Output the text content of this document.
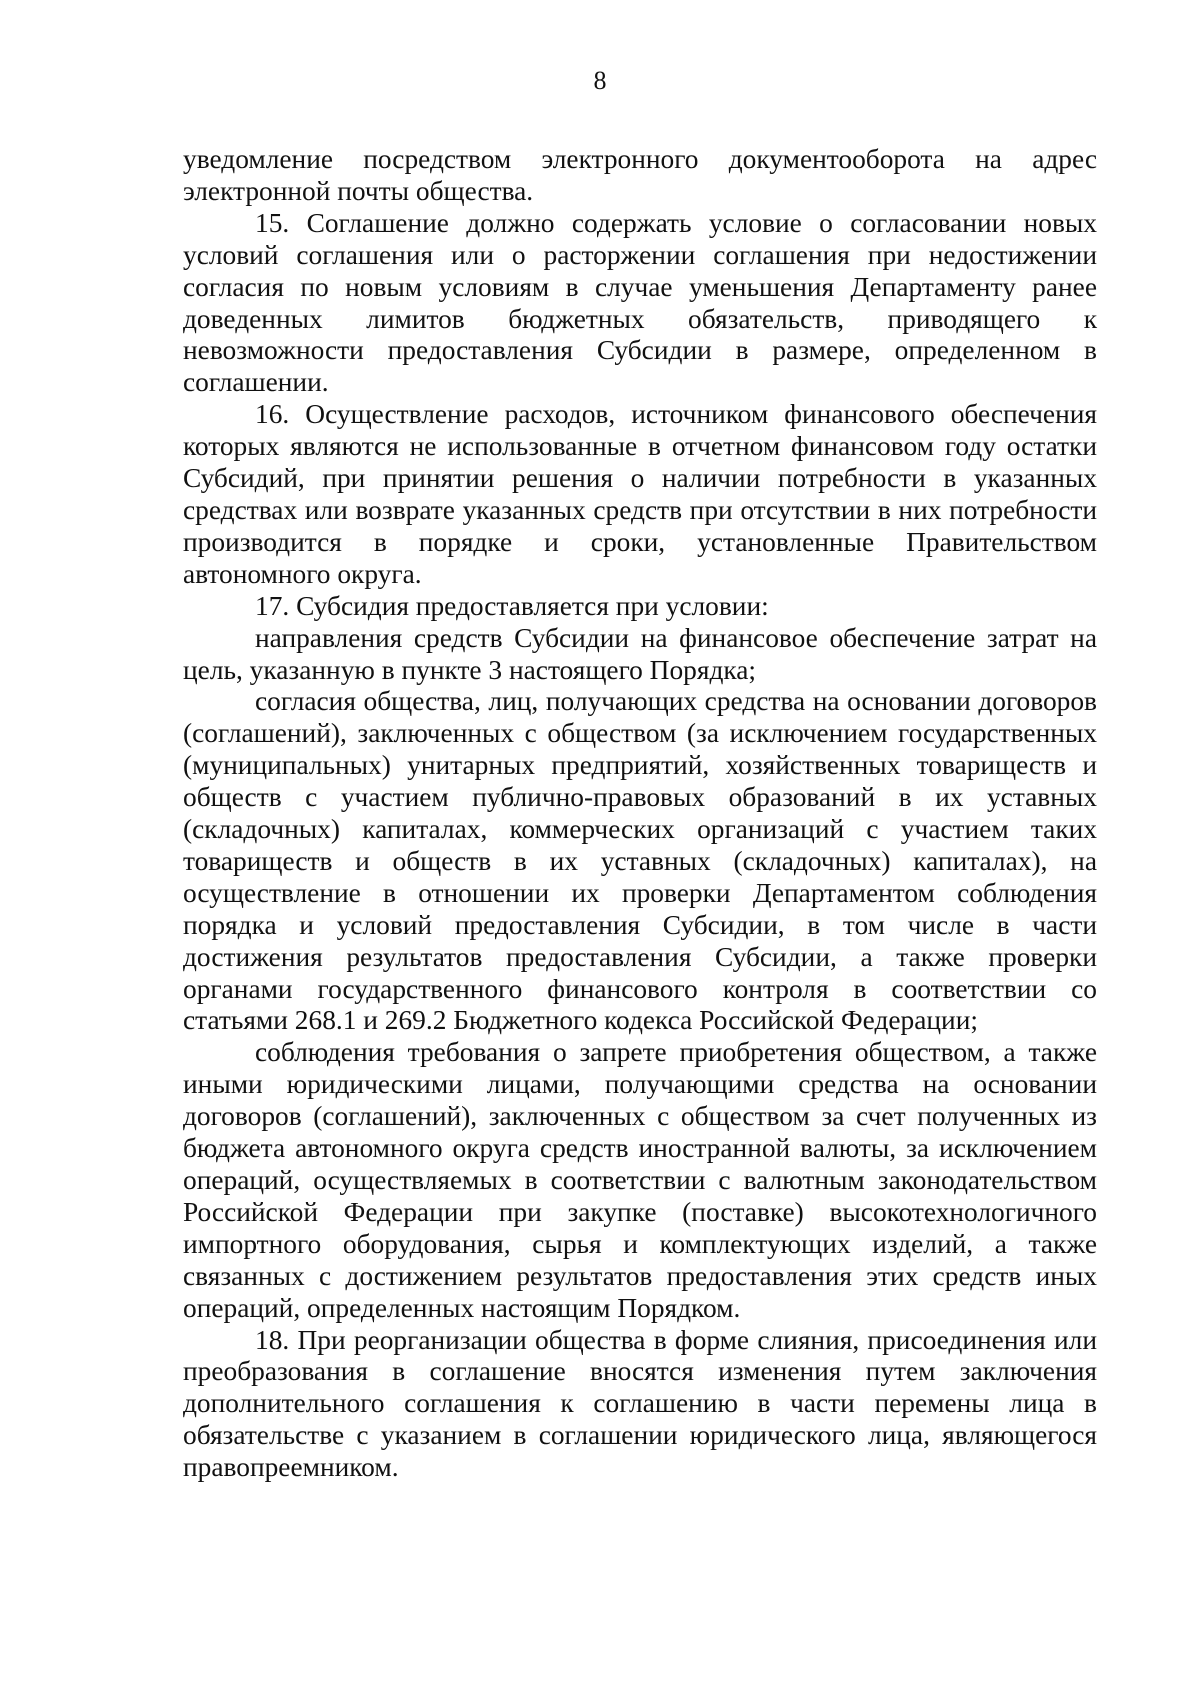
8

уведомление посредством электронного документооборота на адрес электронной почты общества.

15. Соглашение должно содержать условие о согласовании новых условий соглашения или о расторжении соглашения при недостижении согласия по новым условиям в случае уменьшения Департаменту ранее доведенных лимитов бюджетных обязательств, приводящего к невозможности предоставления Субсидии в размере, определенном в соглашении.

16. Осуществление расходов, источником финансового обеспечения которых являются не использованные в отчетном финансовом году остатки Субсидий, при принятии решения о наличии потребности в указанных средствах или возврате указанных средств при отсутствии в них потребности производится в порядке и сроки, установленные Правительством автономного округа.

17. Субсидия предоставляется при условии:

направления средств Субсидии на финансовое обеспечение затрат на цель, указанную в пункте 3 настоящего Порядка;

согласия общества, лиц, получающих средства на основании договоров (соглашений), заключенных с обществом (за исключением государственных (муниципальных) унитарных предприятий, хозяйственных товариществ и обществ с участием публично-правовых образований в их уставных (складочных) капиталах, коммерческих организаций с участием таких товариществ и обществ в их уставных (складочных) капиталах), на осуществление в отношении их проверки Департаментом соблюдения порядка и условий предоставления Субсидии, в том числе в части достижения результатов предоставления Субсидии, а также проверки органами государственного финансового контроля в соответствии со статьями 268.1 и 269.2 Бюджетного кодекса Российской Федерации;

соблюдения требования о запрете приобретения обществом, а также иными юридическими лицами, получающими средства на основании договоров (соглашений), заключенных с обществом за счет полученных из бюджета автономного округа средств иностранной валюты, за исключением операций, осуществляемых в соответствии с валютным законодательством Российской Федерации при закупке (поставке) высокотехнологичного импортного оборудования, сырья и комплектующих изделий, а также связанных с достижением результатов предоставления этих средств иных операций, определенных настоящим Порядком.

18. При реорганизации общества в форме слияния, присоединения или преобразования в соглашение вносятся изменения путем заключения дополнительного соглашения к соглашению в части перемены лица в обязательстве с указанием в соглашении юридического лица, являющегося правопреемником.
